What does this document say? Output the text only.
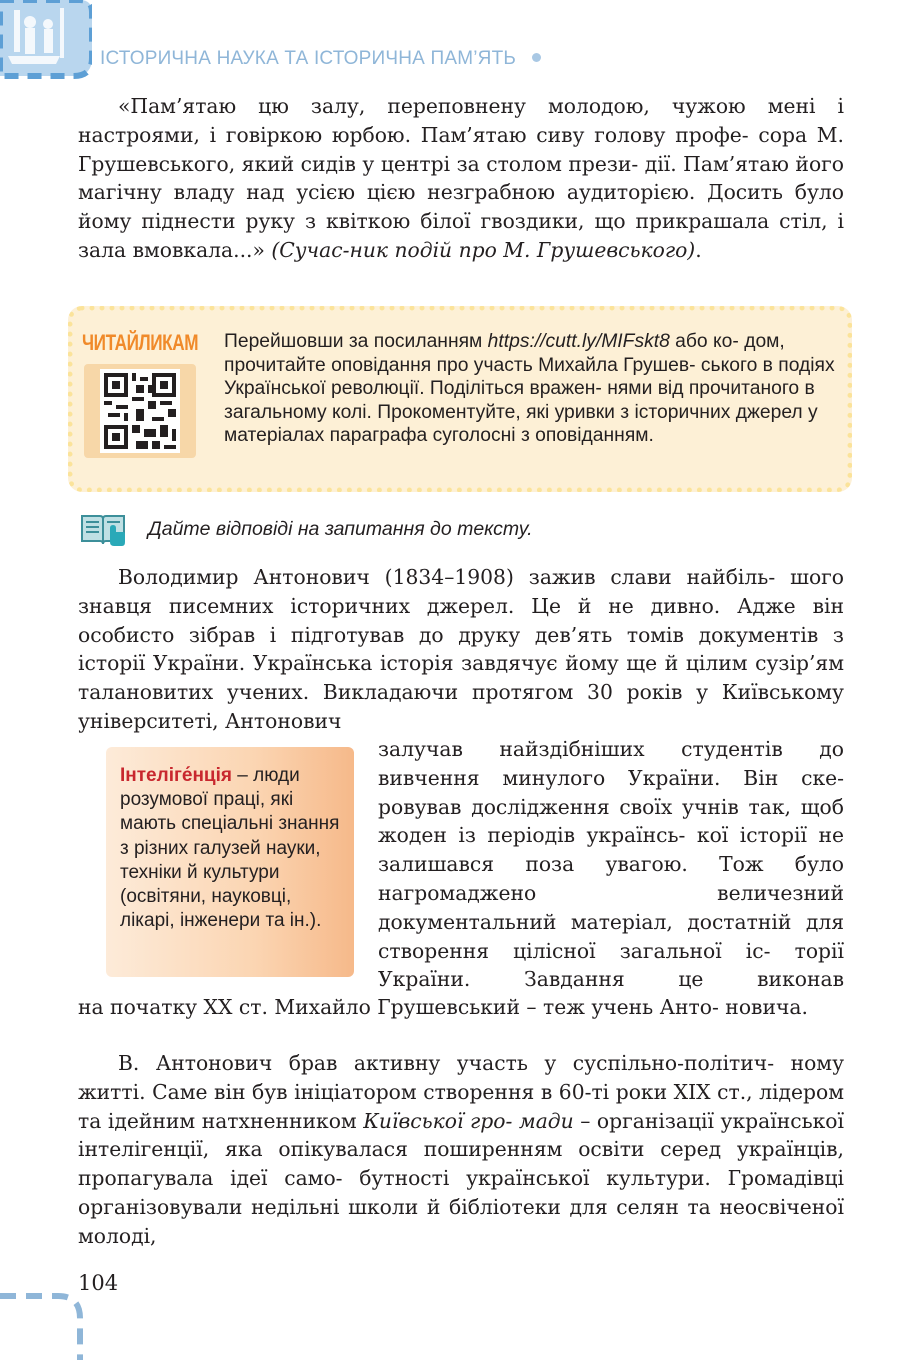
ІСТОРИЧНА НАУКА ТА ІСТОРИЧНА ПАМ’ЯТЬ
«Пам’ятаю цю залу, переповнену молодою, чужою мені і настроями, і говіркою юрбою. Пам’ятаю сиву голову профе- сора М. Грушевського, який сидів у центрі за столом прези- дії. Пам’ятаю його магічну владу над усією цією незграбною аудиторією. Досить було йому піднести руку з квіткою білої гвоздики, що прикрашала стіл, і зала вмовкала...» (Сучас-ник подій про М. Грушевського).
ЧИТАЙЛИКАМ Перейшовши за посиланням https://cutt.ly/MIFskt8 або ко- дом, прочитайте оповідання про участь Михайла Грушев- ського в подіях Української революції. Поділіться вражен- нями від прочитаного в загальному колі. Прокоментуйте, які уривки з історичних джерел у матеріалах параграфа суголосні з оповіданням.
Дайте відповіді на запитання до тексту.
Володимир Антонович (1834–1908) зажив слави найбіль- шого знавця писемних історичних джерел. Це й не дивно. Адже він особисто зібрав і підготував до друку дев’ять томів документів з історії України. Українська історія завдячує йому ще й цілим сузір’ям талановитих учених. Викладаючи протягом 30 років у Київському університеті, Антонович
залучав найздібніших студентів до вивчення минулого України. Він ске- ровував дослідження своїх учнів так, щоб жоден із періодів українсь- кої історії не залишався поза увагою. Тож було нагромаджено величезний документальний матеріал, достатній для створення цілісної загальної іс- торії України. Завдання це виконав
Інтеліге́нція – люди розумової праці, які мають спеціальні знання з різних галузей науки, техніки й культури (освітяни, науковці, лікарі, інженери та ін.).
на початку ХХ ст. Михайло Грушевський – теж учень Анто- новича.
В. Антонович брав активну участь у суспільно-політич- ному житті. Саме він був ініціатором створення в 60-ті роки ХІХ ст., лідером та ідейним натхненником Київської гро- мади – організації української інтелігенції, яка опікувалася поширенням освіти серед українців, пропагувала ідеї само- бутності української культури. Громадівці організовували недільні школи й бібліотеки для селян та неосвіченої молоді,
104
